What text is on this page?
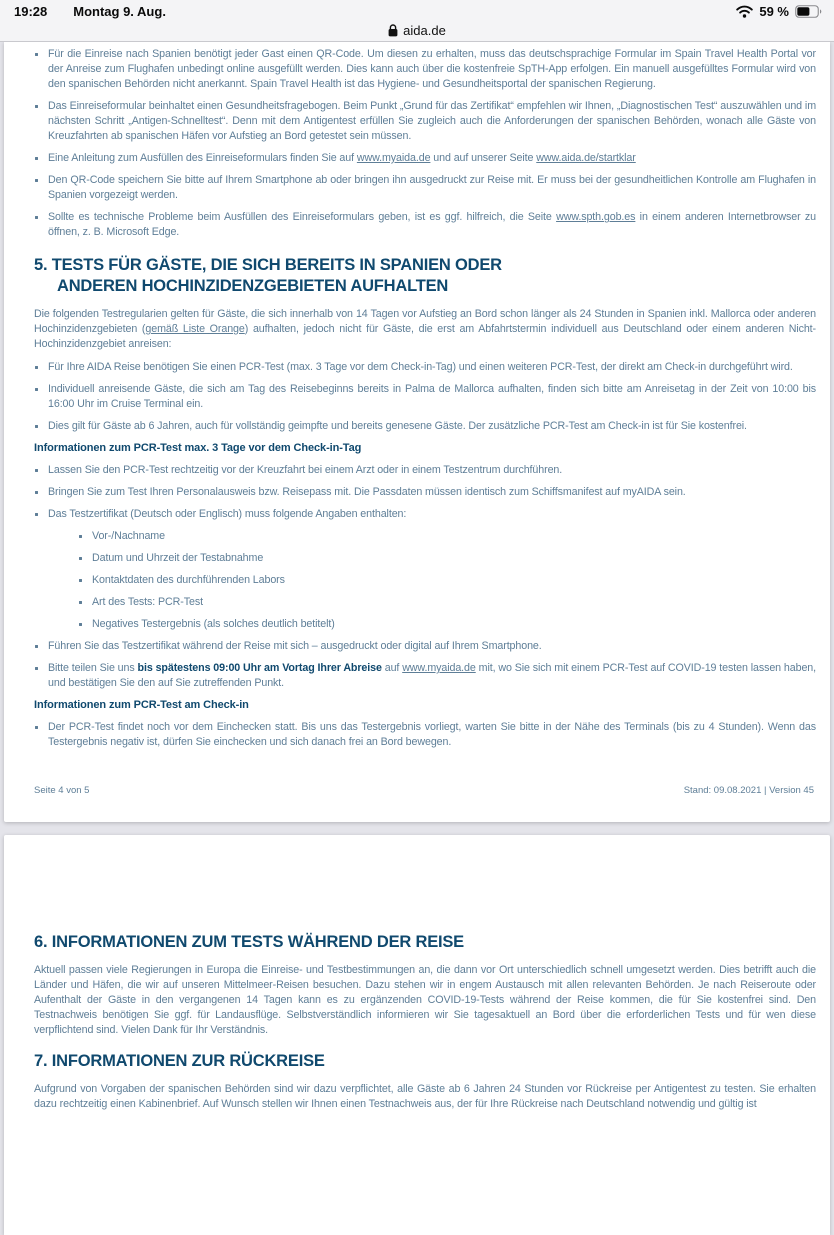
19:28 Montag 9. Aug.	59 %
aida.de
Für die Einreise nach Spanien benötigt jeder Gast einen QR-Code. Um diesen zu erhalten, muss das deutschsprachige Formular im Spain Travel Health Portal vor der Anreise zum Flughafen unbedingt online ausgefüllt werden. Dies kann auch über die kostenfreie SpTH-App erfolgen. Ein manuell ausgefülltes Formular wird von den spanischen Behörden nicht anerkannt. Spain Travel Health ist das Hygiene- und Gesundheitsportal der spanischen Regierung.
Das Einreiseformular beinhaltet einen Gesundheitsfragebogen. Beim Punkt „Grund für das Zertifikat“ empfehlen wir Ihnen, „Diagnostischen Test“ auszuwählen und im nächsten Schritt „Antigen-Schnelltest“. Denn mit dem Antigentest erfüllen Sie zugleich auch die Anforderungen der spanischen Behörden, wonach alle Gäste von Kreuzfahrten ab spanischen Häfen vor Aufstieg an Bord getestet sein müssen.
Eine Anleitung zum Ausfüllen des Einreiseformulars finden Sie auf www.myaida.de und auf unserer Seite www.aida.de/startklar
Den QR-Code speichern Sie bitte auf Ihrem Smartphone ab oder bringen ihn ausgedruckt zur Reise mit. Er muss bei der gesundheitlichen Kontrolle am Flughafen in Spanien vorgezeigt werden.
Sollte es technische Probleme beim Ausfüllen des Einreiseformulars geben, ist es ggf. hilfreich, die Seite www.spth.gob.es in einem anderen Internetbrowser zu öffnen, z. B. Microsoft Edge.
5. TESTS FÜR GÄSTE, DIE SICH BEREITS IN SPANIEN ODER
ANDEREN HOCHINZIDENZGEBIETEN AUFHALTEN

Die folgenden Testregularien gelten für Gäste, die sich innerhalb von 14 Tagen vor Aufstieg an Bord schon länger als 24 Stunden in Spanien inkl. Mallorca oder anderen Hochinzidenzgebieten (gemäß Liste Orange) aufhalten, jedoch nicht für Gäste, die erst am Abfahrtstermin individuell aus Deutschland oder einem anderen Nicht-Hochinzidenzgebiet anreisen:

Für Ihre AIDA Reise benötigen Sie einen PCR-Test (max. 3 Tage vor dem Check-in-Tag) und einen weiteren PCR-Test, der direkt am Check-in durchgeführt wird.
Individuell anreisende Gäste, die sich am Tag des Reisebeginns bereits in Palma de Mallorca aufhalten, finden sich bitte am Anreisetag in der Zeit von 10:00 bis 16:00 Uhr im Cruise Terminal ein.
Dies gilt für Gäste ab 6 Jahren, auch für vollständig geimpfte und bereits genesene Gäste. Der zusätzliche PCR-Test am Check-in ist für Sie kostenfrei.
Informationen zum PCR-Test max. 3 Tage vor dem Check-in-Tag
Lassen Sie den PCR-Test rechtzeitig vor der Kreuzfahrt bei einem Arzt oder in einem Testzentrum durchführen.
Bringen Sie zum Test Ihren Personalausweis bzw. Reisepass mit. Die Passdaten müssen identisch zum Schiffsmanifest auf myAIDA sein.
Das Testzertifikat (Deutsch oder Englisch) muss folgende Angaben enthalten:
Vor-/Nachname
Datum und Uhrzeit der Testabnahme
Kontaktdaten des durchführenden Labors
Art des Tests: PCR-Test
Negatives Testergebnis (als solches deutlich betitelt)
Führen Sie das Testzertifikat während der Reise mit sich – ausgedruckt oder digital auf Ihrem Smartphone.
Bitte teilen Sie uns bis spätestens 09:00 Uhr am Vortag Ihrer Abreise auf www.myaida.de mit, wo Sie sich mit einem PCR-Test auf COVID-19 testen lassen haben, und bestätigen Sie den auf Sie zutreffenden Punkt.
Informationen zum PCR-Test am Check-in
Der PCR-Test findet noch vor dem Einchecken statt. Bis uns das Testergebnis vorliegt, warten Sie bitte in der Nähe des Terminals (bis zu 4 Stunden). Wenn das Testergebnis negativ ist, dürfen Sie einchecken und sich danach frei an Bord bewegen.
Seite 4 von 5	Stand: 09.08.2021 | Version 45
6. INFORMATIONEN ZUM TESTS WÄHREND DER REISE

Aktuell passen viele Regierungen in Europa die Einreise- und Testbestimmungen an, die dann vor Ort unterschiedlich schnell umgesetzt werden. Dies betrifft auch die Länder und Häfen, die wir auf unseren Mittelmeer-Reisen besuchen. Dazu stehen wir in engem Austausch mit allen relevanten Behörden. Je nach Reiseroute oder Aufenthalt der Gäste in den vergangenen 14 Tagen kann es zu ergänzenden COVID-19-Tests während der Reise kommen, die für Sie kostenfrei sind. Den Testnachweis benötigen Sie ggf. für Landausflüge. Selbstverständlich informieren wir Sie tagesaktuell an Bord über die erforderlichen Tests und für wen diese verpflichtend sind. Vielen Dank für Ihr Verständnis.

7. INFORMATIONEN ZUR RÜCKREISE

Aufgrund von Vorgaben der spanischen Behörden sind wir dazu verpflichtet, alle Gäste ab 6 Jahren 24 Stunden vor Rückreise per Antigentest zu testen. Sie erhalten dazu rechtzeitig einen Kabinenbrief. Auf Wunsch stellen wir Ihnen einen Testnachweis aus, der für Ihre Rückreise nach Deutschland notwendig und gültig ist
